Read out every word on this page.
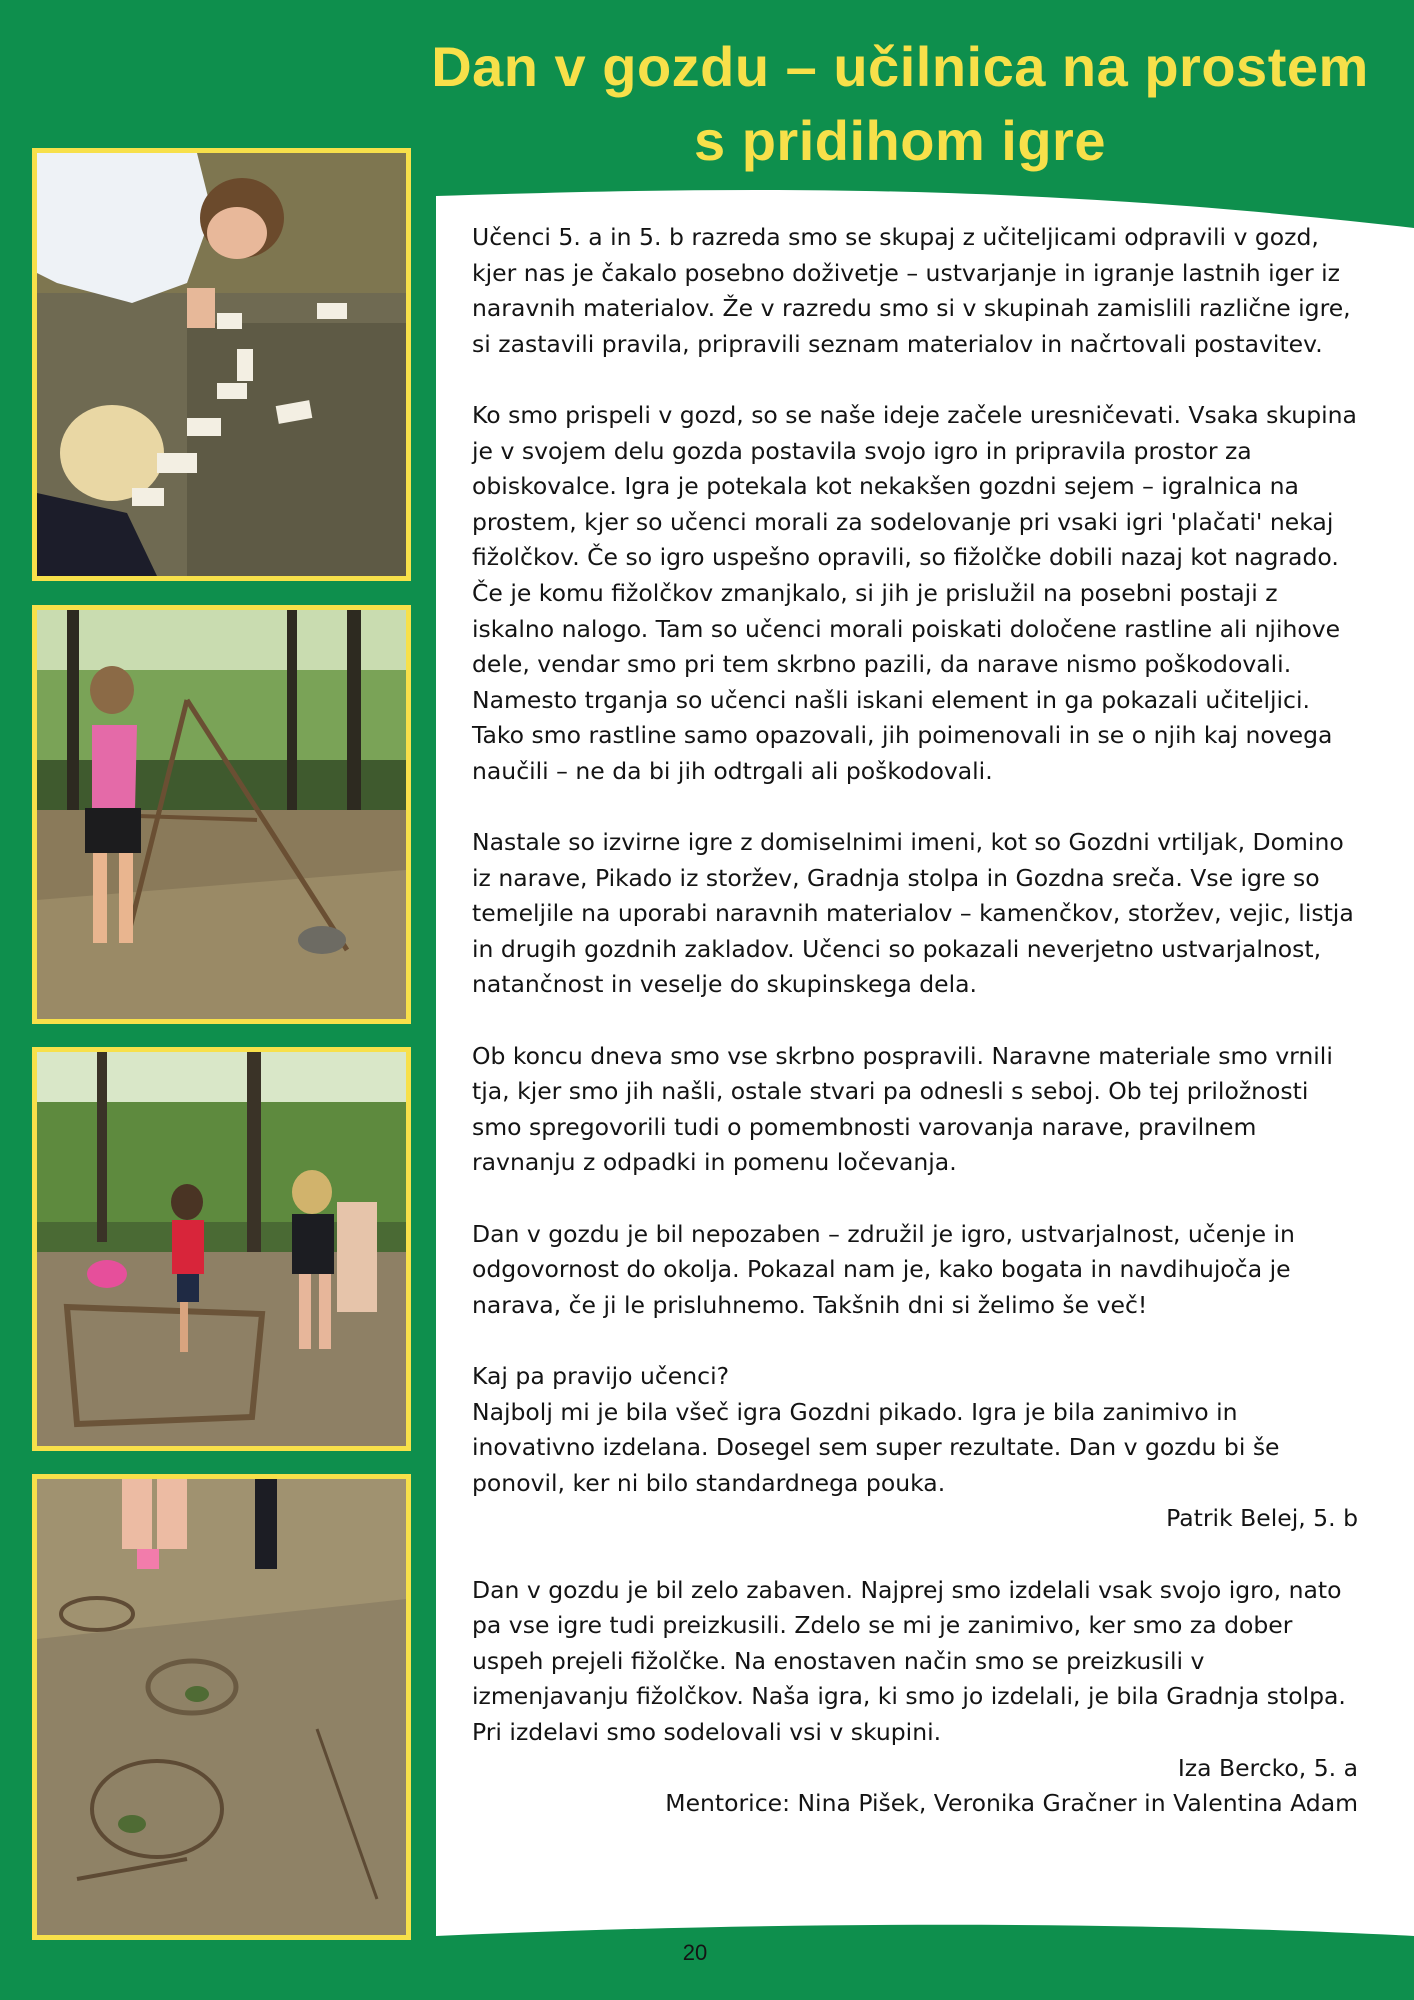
Dan v gozdu – učilnica na prostem
s pridihom igre

Učenci 5. a in 5. b razreda smo se skupaj z učiteljicami odpravili v gozd, kjer nas je čakalo posebno doživetje – ustvarjanje in igranje lastnih iger iz naravnih materialov. Že v razredu smo si v skupinah zamislili različne igre, si zastavili pravila, pripravili seznam materialov in načrtovali postavitev.

Ko smo prispeli v gozd, so se naše ideje začele uresničevati. Vsaka skupina je v svojem delu gozda postavila svojo igro in pripravila prostor za obiskovalce. Igra je potekala kot nekakšen gozdni sejem – igralnica na prostem, kjer so učenci morali za sodelovanje pri vsaki igri 'plačati' nekaj fižolčkov. Če so igro uspešno opravili, so fižolčke dobili nazaj kot nagrado.

Če je komu fižolčkov zmanjkalo, si jih je prislužil na posebni postaji z iskalno nalogo. Tam so učenci morali poiskati določene rastline ali njihove dele, vendar smo pri tem skrbno pazili, da narave nismo poškodovali. Namesto trganja so učenci našli iskani element in ga pokazali učiteljici. Tako smo rastline samo opazovali, jih poimenovali in se o njih kaj novega naučili – ne da bi jih odtrgali ali poškodovali.

Nastale so izvirne igre z domiselnimi imeni, kot so Gozdni vrtiljak, Domino iz narave, Pikado iz storžev, Gradnja stolpa in Gozdna sreča. Vse igre so temeljile na uporabi naravnih materialov – kamenčkov, storžev, vejic, listja in drugih gozdnih zakladov. Učenci so pokazali neverjetno ustvarjalnost, natančnost in veselje do skupinskega dela.

Ob koncu dneva smo vse skrbno pospravili. Naravne materiale smo vrnili tja, kjer smo jih našli, ostale stvari pa odnesli s seboj. Ob tej priložnosti smo spregovorili tudi o pomembnosti varovanja narave, pravilnem ravnanju z odpadki in pomenu ločevanja.

Dan v gozdu je bil nepozaben – združil je igro, ustvarjalnost, učenje in odgovornost do okolja. Pokazal nam je, kako bogata in navdihujoča je narava, če ji le prisluhnemo. Takšnih dni si želimo še več!

Kaj pa pravijo učenci?

Najbolj mi je bila všeč igra Gozdni pikado. Igra je bila zanimivo in inovativno izdelana. Dosegel sem super rezultate. Dan v gozdu bi še ponovil, ker ni bilo standardnega pouka.

Patrik Belej, 5. b

Dan v gozdu je bil zelo zabaven. Najprej smo izdelali vsak svojo igro, nato pa vse igre tudi preizkusili. Zdelo se mi je zanimivo, ker smo za dober uspeh prejeli fižolčke. Na enostaven način smo se preizkusili v izmenjavanju fižolčkov. Naša igra, ki smo jo izdelali, je bila Gradnja stolpa. Pri izdelavi smo sodelovali vsi v skupini.

Iza Bercko, 5. a

Mentorice: Nina Pišek, Veronika Gračner in Valentina Adam

20
